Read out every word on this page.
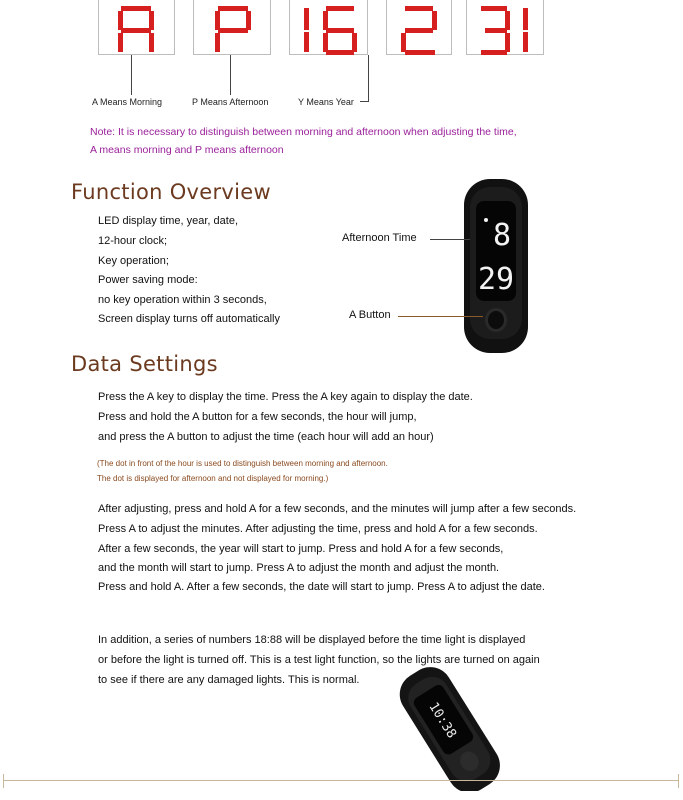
A Means Morning	P Means Afternoon	Y Means Year
Note: It is necessary to distinguish between morning and afternoon when adjusting the time,
A means morning and P means afternoon
Function Overview
LED display time, year, date,
12-hour clock;
Key operation;
Power saving mode:
no key operation within 3 seconds,
Screen display turns off automatically
8
29
Afternoon Time
A Button
Data Settings
Press the A key to display the time. Press the A key again to display the date.
Press and hold the A button for a few seconds, the hour will jump,
and press the A button to adjust the time (each hour will add an hour)
(The dot in front of the hour is used to distinguish between morning and afternoon.
The dot is displayed for afternoon and not displayed for morning.)
After adjusting, press and hold A for a few seconds, and the minutes will jump after a few seconds.
Press A to adjust the minutes. After adjusting the time, press and hold A for a few seconds.
After a few seconds, the year will start to jump. Press and hold A for a few seconds,
and the month will start to jump. Press A to adjust the month and adjust the month.
Press and hold A. After a few seconds, the date will start to jump. Press A to adjust the date.
In addition, a series of numbers 18:88 will be displayed before the time light is displayed
or before the light is turned off. This is a test light function, so the lights are turned on again
to see if there are any damaged lights. This is normal.
10:38
